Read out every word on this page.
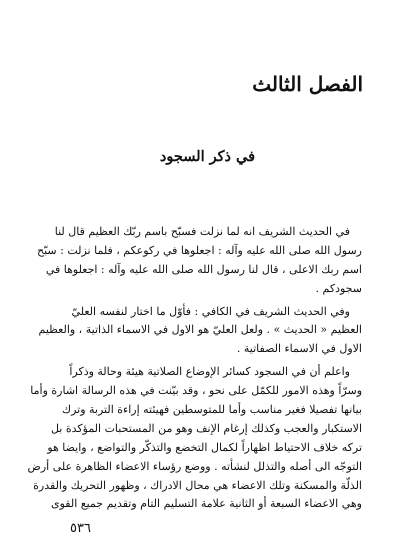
الفصل الثالث
في ذكر السجود
في الحديث الشريف انه لما نزلت فسبّح باسم ربّك العظيم قال لنا
رسول الله صلى الله عليه وآله : اجعلوها في ركوعكم ، فلما نزلت : سبّح
اسم ربك الاعلى ، قال لنا رسول الله صلى الله عليه وآله : اجعلوها في
سجودكم .
وفي الحديث الشريف في الكافي : فأوّل ما اختار لنفسه العليّ
العظيم « الحديث » . ولعل العليّ هو الاول في الاسماء الذاتية ، والعظيم
الاول في الاسماء الصفاتية .
واعلم أن في السجود كسائر الإوضاع الصلاتية هيئة وحالة وذكراً
وسرّاً وهذه الامور للكمّل على نحو ، وقد بيّنت في هذه الرسالة اشارة وأما
بيانها تفصيلا فغير مناسب وأما للمتوسطين فهيئته إراءة التربة وترك
الاستكبار والعجب وكذلك إرغام الإنف وهو من المستحبات المؤكدة بل
تركه خلاف الاحتياط اظهاراً لكمال التخضع والتذكّر والتواضع ، وايضا هو
التوجّه الى أصله والتذلل لنشأته . ووضع رؤساء الاعضاء الظاهرة على أرض
الذلّة والمسكنة وتلك الاعضاء هي محال الادراك ، وظهور التحريك والقدرة
وهي الاعضاء السبعة أو الثانية علامة التسليم التام وتقديم جميع القوى
٥٣٦
